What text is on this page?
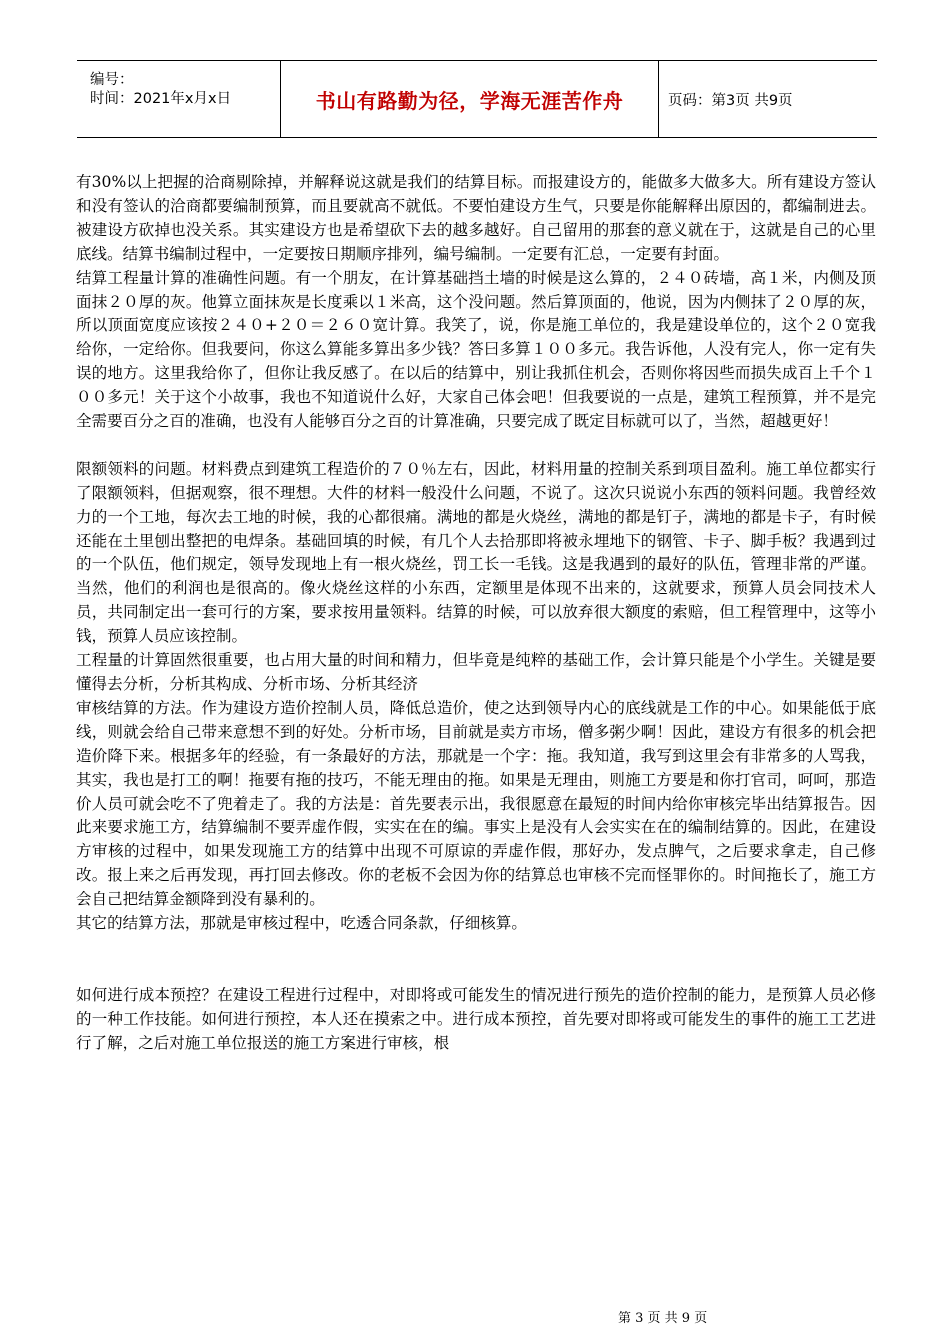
编号：
时间：2021年x月x日	书山有路勤为径，学海无涯苦作舟	页码：第3页 共9页

有30%以上把握的洽商剔除掉，并解释说这就是我们的结算目标。而报建设方的，能做多大做多大。所有建设方签认和没有签认的洽商都要编制预算，而且要就高不就低。不要怕建设方生气，只要是你能解释出原因的，都编制进去。被建设方砍掉也没关系。其实建设方也是希望砍下去的越多越好。自己留用的那套的意义就在于，这就是自己的心里底线。结算书编制过程中，一定要按日期顺序排列，编号编制。一定要有汇总，一定要有封面。

结算工程量计算的准确性问题。有一个朋友，在计算基础挡土墙的时候是这么算的，２４０砖墙，高１米，内侧及顶面抹２０厚的灰。他算立面抹灰是长度乘以１米高，这个没问题。然后算顶面的，他说，因为内侧抹了２０厚的灰，所以顶面宽度应该按２４０+２０＝２６０宽计算。我笑了，说，你是施工单位的，我是建设单位的，这个２０宽我给你，一定给你。但我要问，你这么算能多算出多少钱？答曰多算１００多元。我告诉他，人没有完人，你一定有失误的地方。这里我给你了，但你让我反感了。在以后的结算中，别让我抓住机会，否则你将因些而损失成百上千个１００多元！关于这个小故事，我也不知道说什么好，大家自己体会吧！但我要说的一点是，建筑工程预算，并不是完全需要百分之百的准确，也没有人能够百分之百的计算准确，只要完成了既定目标就可以了，当然，超越更好！

限额领料的问题。材料费点到建筑工程造价的７０％左右，因此，材料用量的控制关系到项目盈利。施工单位都实行了限额领料，但据观察，很不理想。大件的材料一般没什么问题，不说了。这次只说说小东西的领料问题。我曾经效力的一个工地，每次去工地的时候，我的心都很痛。满地的都是火烧丝，满地的都是钉子，满地的都是卡子，有时候还能在土里刨出整把的电焊条。基础回填的时候，有几个人去拾那即将被永埋地下的钢管、卡子、脚手板？我遇到过的一个队伍，他们规定，领导发现地上有一根火烧丝，罚工长一毛钱。这是我遇到的最好的队伍，管理非常的严谨。当然，他们的利润也是很高的。像火烧丝这样的小东西，定额里是体现不出来的，这就要求，预算人员会同技术人员，共同制定出一套可行的方案，要求按用量领料。结算的时候，可以放弃很大额度的索赔，但工程管理中，这等小钱，预算人员应该控制。

工程量的计算固然很重要，也占用大量的时间和精力，但毕竟是纯粹的基础工作，会计算只能是个小学生。关键是要懂得去分析，分析其构成、分析市场、分析其经济

审核结算的方法。作为建设方造价控制人员，降低总造价，使之达到领导内心的底线就是工作的中心。如果能低于底线，则就会给自己带来意想不到的好处。分析市场，目前就是卖方市场，僧多粥少啊！因此，建设方有很多的机会把造价降下来。根据多年的经验，有一条最好的方法，那就是一个字：拖。我知道，我写到这里会有非常多的人骂我，其实，我也是打工的啊！拖要有拖的技巧，不能无理由的拖。如果是无理由，则施工方要是和你打官司，呵呵，那造价人员可就会吃不了兜着走了。我的方法是：首先要表示出，我很愿意在最短的时间内给你审核完毕出结算报告。因此来要求施工方，结算编制不要弄虚作假，实实在在的编。事实上是没有人会实实在在的编制结算的。因此，在建设方审核的过程中，如果发现施工方的结算中出现不可原谅的弄虚作假，那好办，发点脾气，之后要求拿走，自己修改。报上来之后再发现，再打回去修改。你的老板不会因为你的结算总也审核不完而怪罪你的。时间拖长了，施工方会自己把结算金额降到没有暴利的。

其它的结算方法，那就是审核过程中，吃透合同条款，仔细核算。

如何进行成本预控？在建设工程进行过程中，对即将或可能发生的情况进行预先的造价控制的能力，是预算人员必修的一种工作技能。如何进行预控，本人还在摸索之中。进行成本预控，首先要对即将或可能发生的事件的施工工艺进行了解，之后对施工单位报送的施工方案进行审核，根

第 3 页 共 9 页
